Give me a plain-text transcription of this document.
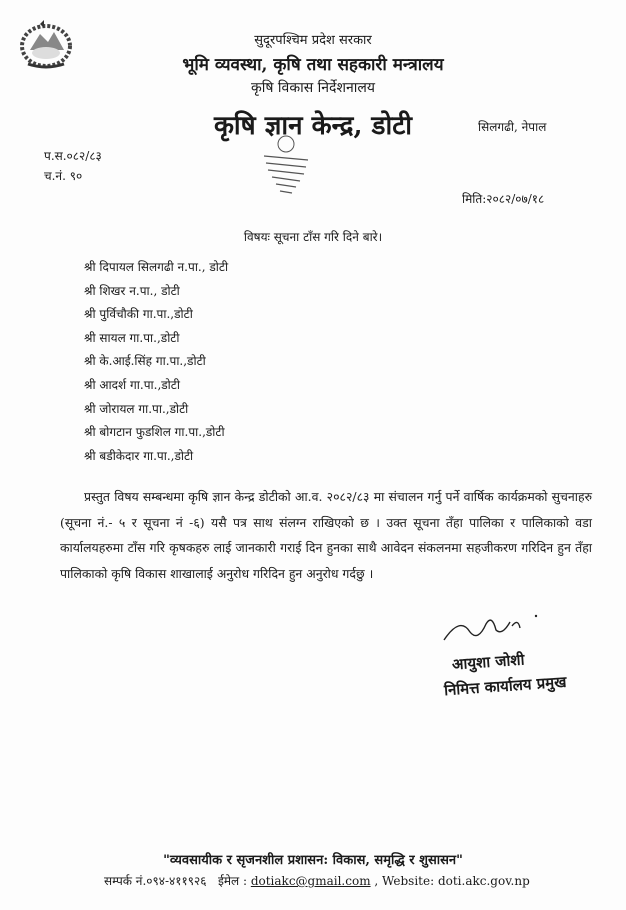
सुदूरपश्चिम प्रदेश सरकार
भूमि व्यवस्था, कृषि तथा सहकारी मन्त्रालय
कृषि विकास निर्देशनालय
कृषि ज्ञान केन्द्र, डोटी	सिलगढी, नेपाल
प.स.०८२/८३
च.नं. ९०
मिति:२०८२/०७/१८
विषयः सूचना टाँस गरि दिने बारे।
श्री दिपायल सिलगढी न.पा., डोटी
श्री शिखर न.पा., डोटी
श्री पुर्विचौकी गा.पा.,डोटी
श्री सायल गा.पा.,डोटी
श्री के.आई.सिंह गा.पा.,डोटी
श्री आदर्श गा.पा.,डोटी
श्री जोरायल गा.पा.,डोटी
श्री बोगटान फुडशिल गा.पा.,डोटी
श्री बडीकेदार गा.पा.,डोटी
प्रस्तुत विषय सम्बन्धमा कृषि ज्ञान केन्द्र डोटीको आ.व. २०८२/८३ मा संचालन गर्नु पर्ने वार्षिक कार्यक्रमको सुचनाहरु (सूचना नं.- ५ र सूचना नं -६) यसै पत्र साथ संलग्न राखिएको छ । उक्त सूचना तँहा पालिका र पालिकाको वडा कार्यालयहरुमा टाँस गरि कृषकहरु लाई जानकारी गराई दिन हुनका साथै आवेदन संकलनमा सहजीकरण गरिदिन हुन तँहा पालिकाको कृषि विकास शाखालाई अनुरोध गरिदिन हुन अनुरोध गर्दछु ।
आयुशा जोशी
निमित्त कार्यालय प्रमुख
"व्यवसायीक र सृजनशील प्रशासन: विकास, समृद्धि र शुसासन"
सम्पर्क नं.०९४-४११९२६ ईमेल : dotiakc@gmail.com , Website: doti.akc.gov.np
